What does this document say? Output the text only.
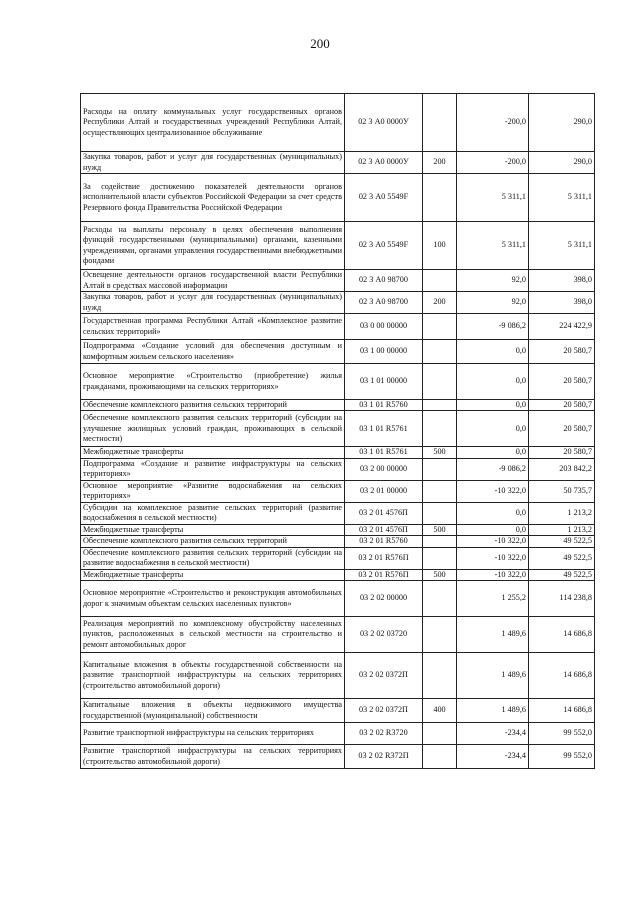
200
Расходы на оплату коммунальных услуг государственных органов Республики Алтай и государственных учреждений Республики Алтай, осуществляющих централизованное обслуживание	02 3 А0 0000У		-200,0	290,0
Закупка товаров, работ и услуг для государственных (муниципальных) нужд	02 3 А0 0000У	200	-200,0	290,0
За содействие достижению показателей деятельности органов исполнительной власти субъектов Российской Федерации за счет средств Резервного фонда Правительства Российской Федерации	02 3 А0 5549F		5 311,1	5 311,1
Расходы на выплаты персоналу в целях обеспечения выполнения функций государственными (муниципальными) органами, казенными учреждениями, органами управления государственными внебюджетными фондами	02 3 А0 5549F	100	5 311,1	5 311,1
Освещение деятельности органов государственной власти Республики Алтай в средствах массовой информации	02 3 А0 98700		92,0	398,0
Закупка товаров, работ и услуг для государственных (муниципальных) нужд	02 3 А0 98700	200	92,0	398,0
Государственная программа Республики Алтай «Комплексное развитие сельских территорий»	03 0 00 00000		-9 086,2	224 422,9
Подпрограмма «Создание условий для обеспечения доступным и комфортным жильем сельского населения»	03 1 00 00000		0,0	20 580,7
Основное мероприятие «Строительство (приобретение) жилья гражданами, проживающими на сельских территориях»	03 1 01 00000		0,0	20 580,7
Обеспечение комплексного развития сельских территорий	03 1 01 R5760		0,0	20 580,7
Обеспечение комплексного развития сельских территорий (субсидии на улучшение жилищных условий граждан, проживающих в сельской местности)	03 1 01 R5761		0,0	20 580,7
Межбюджетные трансферты	03 1 01 R5761	500	0,0	20 580,7
Подпрограмма «Создание и развитие инфраструктуры на сельских территориях»	03 2 00 00000		-9 086,2	203 842,2
Основное мероприятие «Развитие водоснабжения на сельских территориях»	03 2 01 00000		-10 322,0	50 735,7
Субсидии на комплексное развитие сельских территорий (развитие водоснабжения в сельской местности)	03 2 01 4576П		0,0	1 213,2
Межбюджетные трансферты	03 2 01 4576П	500	0,0	1 213,2
Обеспечение комплексного развития сельских территорий	03 2 01 R5760		-10 322,0	49 522,5
Обеспечение комплексного развития сельских территорий (субсидии на развитие водоснабжения в сельской местности)	03 2 01 R576П		-10 322,0	49 522,5
Межбюджетные трансферты	03 2 01 R576П	500	-10 322,0	49 522,5
Основное мероприятие «Строительство и реконструкция автомобильных дорог к значимым объектам сельских населенных пунктов»	03 2 02 00000		1 255,2	114 238,8
Реализация мероприятий по комплексному обустройству населенных пунктов, расположенных в сельской местности на строительство и ремонт автомобильных дорог	03 2 02 03720		1 489,6	14 686,8
Капитальные вложения в объекты государственной собственности на развитие транспортной инфраструктуры на сельских территориях (строительство автомобильной дороги)	03 2 02 0372П		1 489,6	14 686,8
Капитальные вложения в объекты недвижимого имущества государственной (муниципальной) собственности	03 2 02 0372П	400	1 489,6	14 686,8
Развитие транспортной инфраструктуры на сельских территориях	03 2 02 R3720		-234,4	99 552,0
Развитие транспортной инфраструктуры на сельских территориях (строительство автомобильной дороги)	03 2 02 R372П		-234,4	99 552,0
